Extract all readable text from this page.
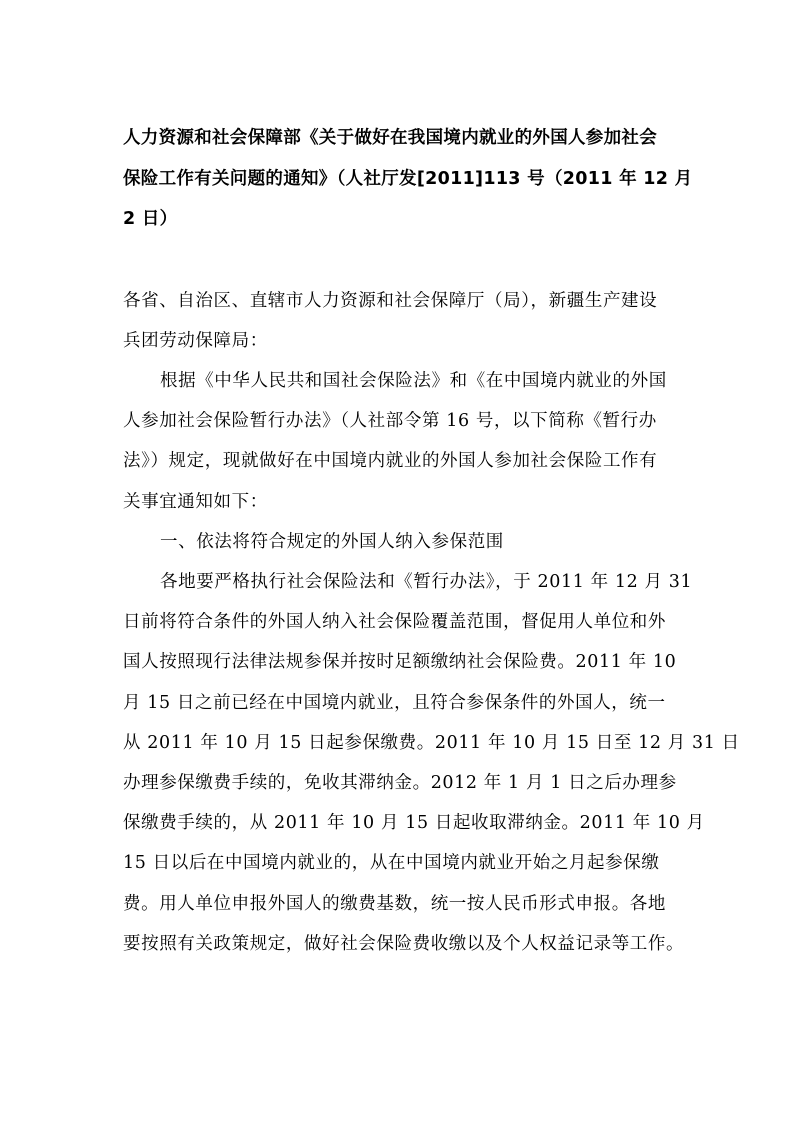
人力资源和社会保障部《关于做好在我国境内就业的外国人参加社会
保险工作有关问题的通知》（人社厅发[2011]113 号（2011 年 12 月
2 日）
各省、自治区、直辖市人力资源和社会保障厅（局），新疆生产建设
兵团劳动保障局：
根据《中华人民共和国社会保险法》和《在中国境内就业的外国
人参加社会保险暂行办法》（人社部令第 16 号，以下简称《暂行办
法》）规定，现就做好在中国境内就业的外国人参加社会保险工作有
关事宜通知如下：
一、依法将符合规定的外国人纳入参保范围
各地要严格执行社会保险法和《暂行办法》，于 2011 年 12 月 31
日前将符合条件的外国人纳入社会保险覆盖范围，督促用人单位和外
国人按照现行法律法规参保并按时足额缴纳社会保险费。2011 年 10
月 15 日之前已经在中国境内就业，且符合参保条件的外国人，统一
从 2011 年 10 月 15 日起参保缴费。2011 年 10 月 15 日至 12 月 31 日
办理参保缴费手续的，免收其滞纳金。2012 年 1 月 1 日之后办理参
保缴费手续的，从 2011 年 10 月 15 日起收取滞纳金。2011 年 10 月
15 日以后在中国境内就业的，从在中国境内就业开始之月起参保缴
费。用人单位申报外国人的缴费基数，统一按人民币形式申报。各地
要按照有关政策规定，做好社会保险费收缴以及个人权益记录等工作。
